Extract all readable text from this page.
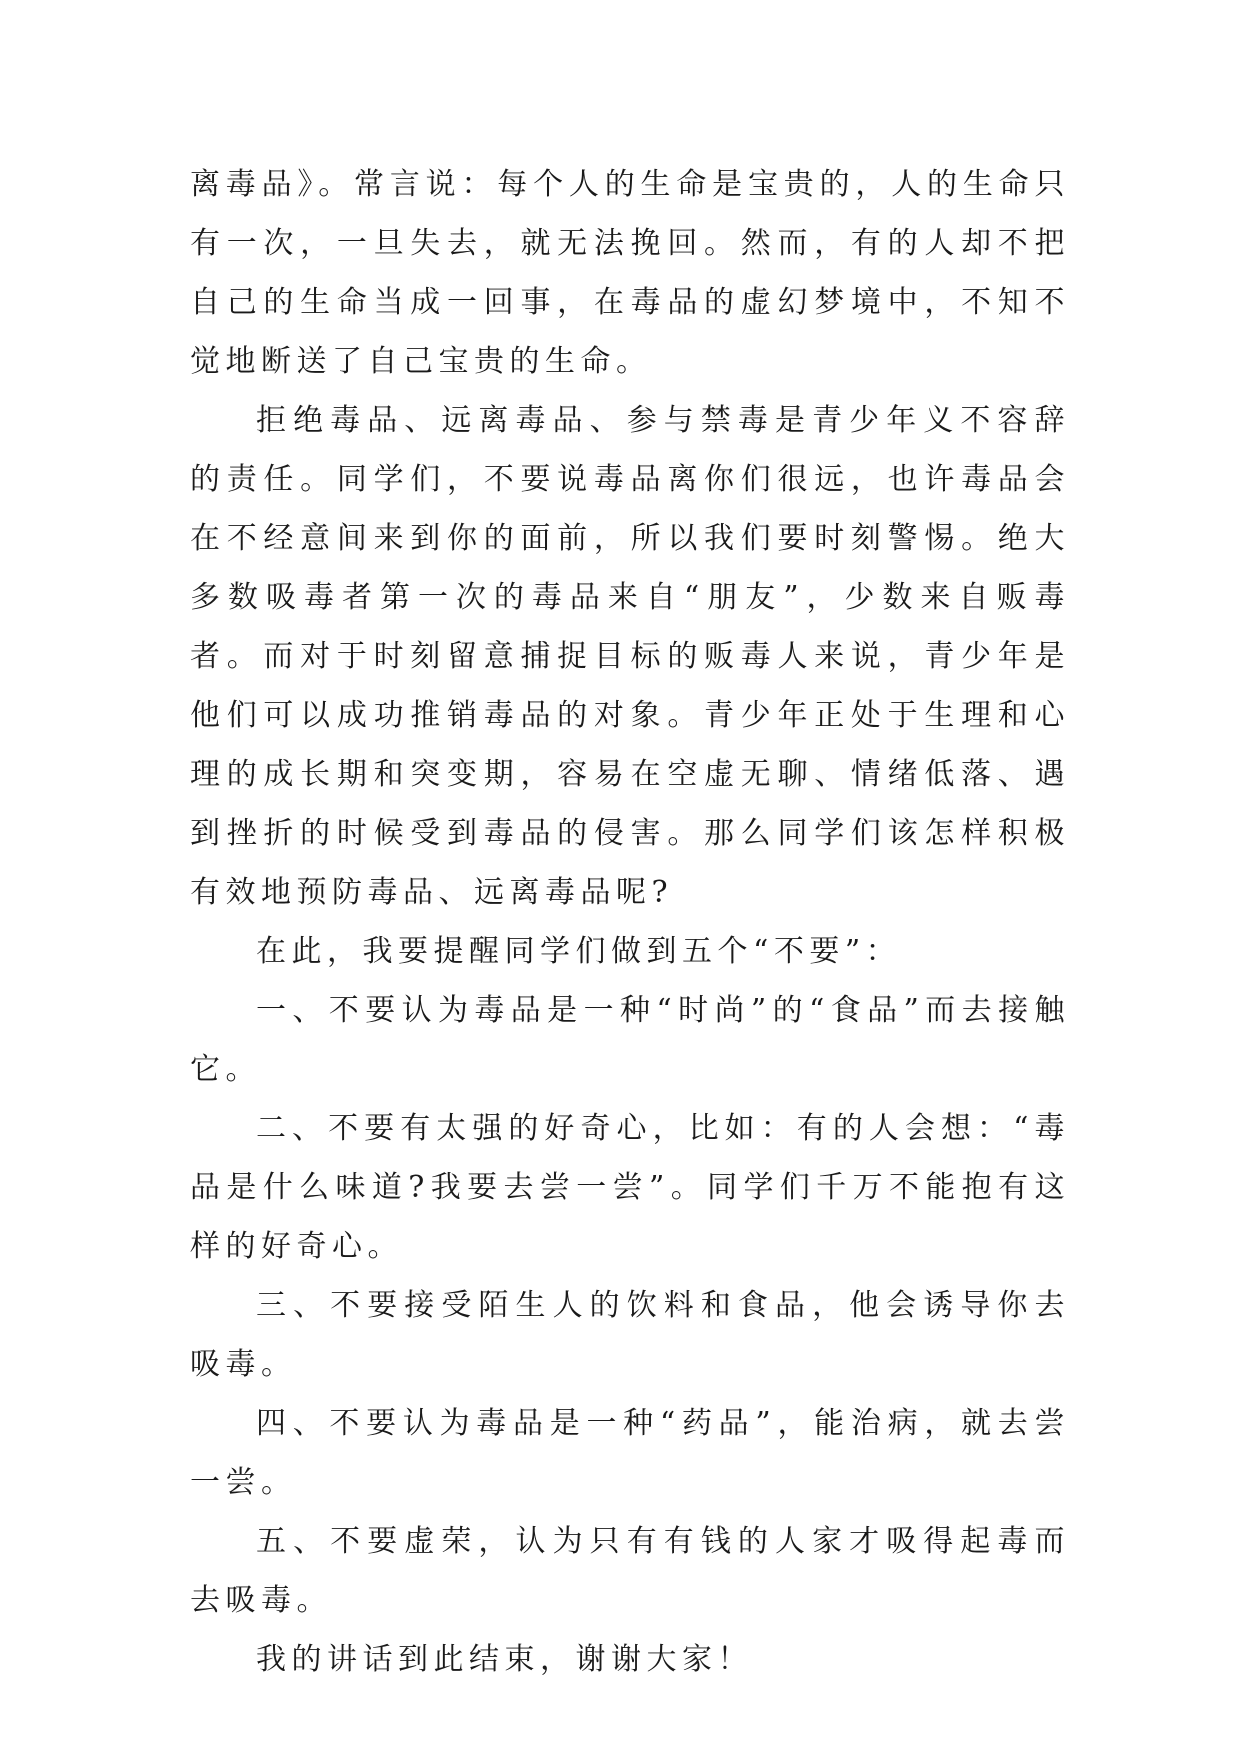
离毒品》。常言说：每个人的生命是宝贵的，人的生命只有一次，一旦失去，就无法挽回。然而，有的人却不把自己的生命当成一回事，在毒品的虚幻梦境中，不知不觉地断送了自己宝贵的生命。

拒绝毒品、远离毒品、参与禁毒是青少年义不容辞的责任。同学们，不要说毒品离你们很远，也许毒品会在不经意间来到你的面前，所以我们要时刻警惕。绝大多数吸毒者第一次的毒品来自“朋友”，少数来自贩毒者。而对于时刻留意捕捉目标的贩毒人来说，青少年是他们可以成功推销毒品的对象。青少年正处于生理和心理的成长期和突变期，容易在空虚无聊、情绪低落、遇到挫折的时候受到毒品的侵害。那么同学们该怎样积极有效地预防毒品、远离毒品呢?

在此，我要提醒同学们做到五个“不要”：

一、不要认为毒品是一种“时尚”的“食品”而去接触它。

二、不要有太强的好奇心，比如：有的人会想：“毒品是什么味道?我要去尝一尝”。同学们千万不能抱有这样的好奇心。

三、不要接受陌生人的饮料和食品，他会诱导你去吸毒。

四、不要认为毒品是一种“药品”，能治病，就去尝一尝。

五、不要虚荣，认为只有有钱的人家才吸得起毒而去吸毒。

我的讲话到此结束，谢谢大家！
